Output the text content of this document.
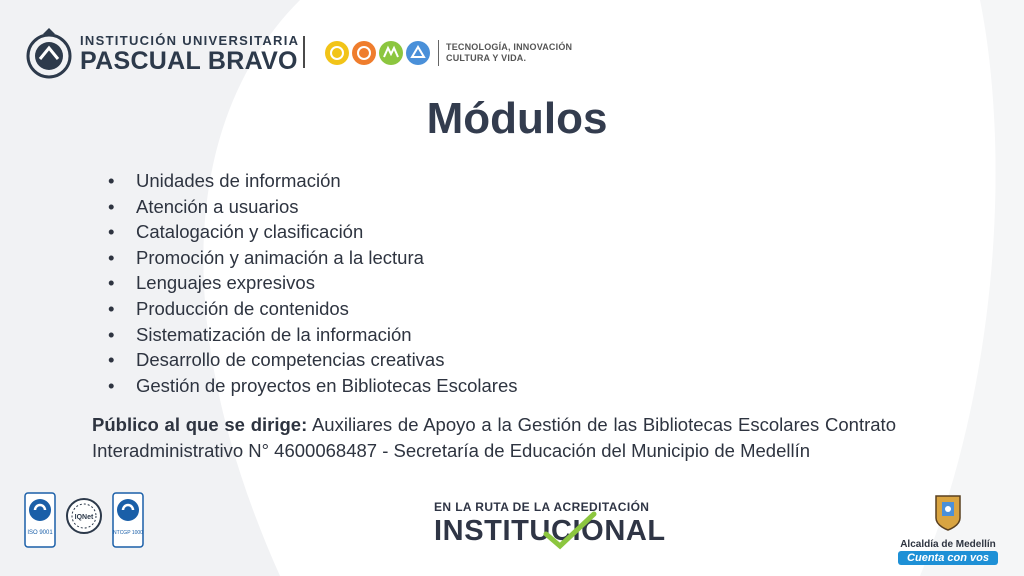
INSTITUCIÓN UNIVERSITARIA
PASCUAL BRAVO	TECNOLOGÍA, INNOVACIÓN
CULTURA Y VIDA.
Módulos
•	Unidades de información
•	Atención a usuarios
•	Catalogación y clasificación
•	Promoción y animación a la lectura
•	Lenguajes expresivos
•	Producción de contenidos
•	Sistematización de la información
•	Desarrollo de competencias creativas
•	Gestión de proyectos en Bibliotecas Escolares
Público al que se dirige: Auxiliares de Apoyo a la Gestión de las Bibliotecas Escolares Contrato Interadministrativo N° 4600068487 - Secretaría de Educación del Municipio de Medellín
ISO 9001
IQNet
NTCGP 1000
EN LA RUTA DE LA ACREDITACIÓN
INSTITUCIONAL	Alcaldía de Medellín
Cuenta con vos
